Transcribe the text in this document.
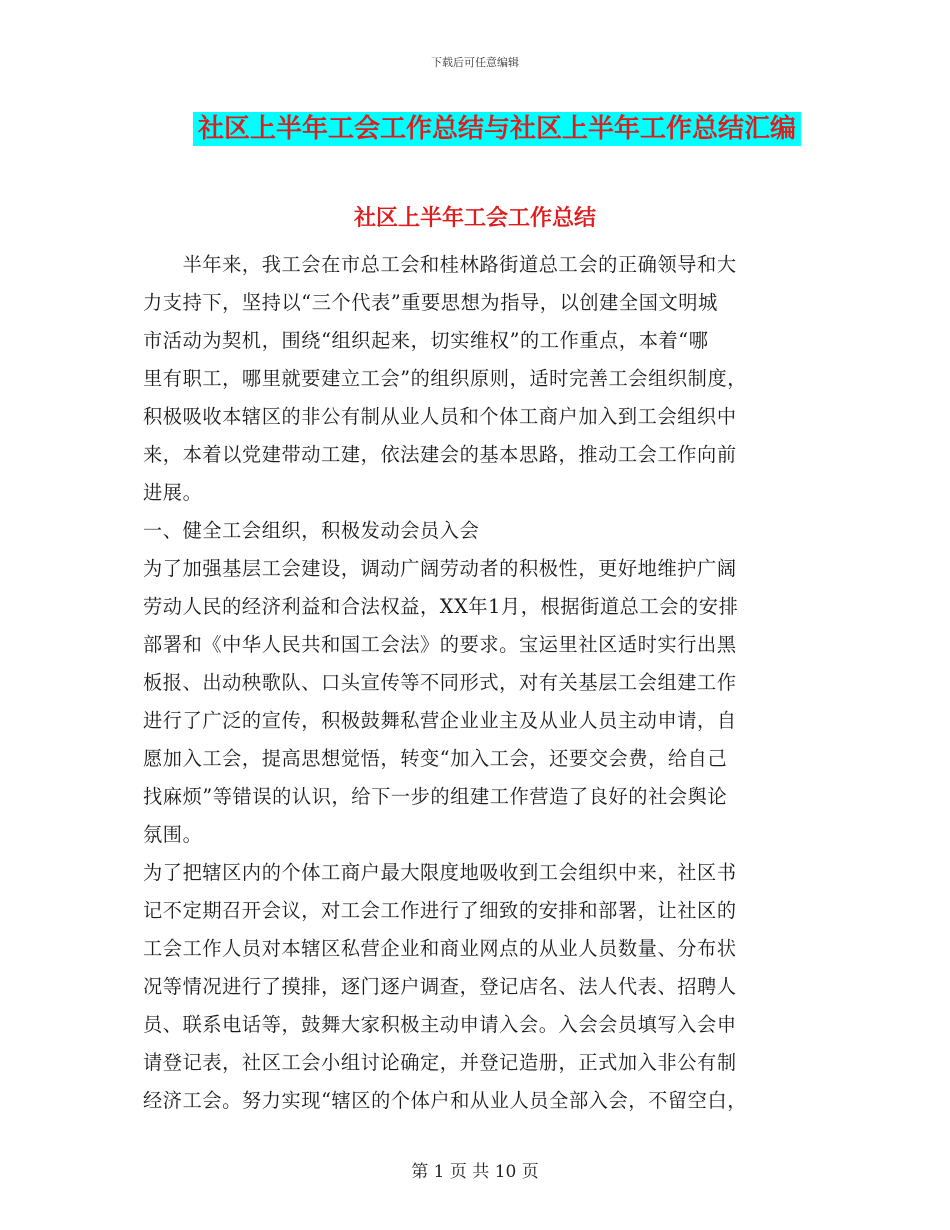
下载后可任意编辑
社区上半年工会工作总结与社区上半年工作总结汇编
社区上半年工会工作总结
　　半年来，我工会在市总工会和桂林路街道总工会的正确领导和大
力支持下，坚持以“三个代表”重要思想为指导，以创建全国文明城
市活动为契机，围绕“组织起来，切实维权”的工作重点，本着“哪
里有职工，哪里就要建立工会”的组织原则，适时完善工会组织制度，
积极吸收本辖区的非公有制从业人员和个体工商户加入到工会组织中
来，本着以党建带动工建，依法建会的基本思路，推动工会工作向前
进展。
一、健全工会组织，积极发动会员入会
为了加强基层工会建设，调动广阔劳动者的积极性，更好地维护广阔
劳动人民的经济利益和合法权益，XX年1月，根据街道总工会的安排
部署和《中华人民共和国工会法》的要求。宝运里社区适时实行出黑
板报、出动秧歌队、口头宣传等不同形式，对有关基层工会组建工作
进行了广泛的宣传，积极鼓舞私营企业业主及从业人员主动申请，自
愿加入工会，提高思想觉悟，转变“加入工会，还要交会费，给自己
找麻烦”等错误的认识，给下一步的组建工作营造了良好的社会舆论
氛围。
为了把辖区内的个体工商户最大限度地吸收到工会组织中来，社区书
记不定期召开会议，对工会工作进行了细致的安排和部署，让社区的
工会工作人员对本辖区私营企业和商业网点的从业人员数量、分布状
况等情况进行了摸排，逐门逐户调查，登记店名、法人代表、招聘人
员、联系电话等，鼓舞大家积极主动申请入会。入会会员填写入会申
请登记表，社区工会小组讨论确定，并登记造册，正式加入非公有制
经济工会。努力实现“辖区的个体户和从业人员全部入会，不留空白，
第 1 页 共 10 页
